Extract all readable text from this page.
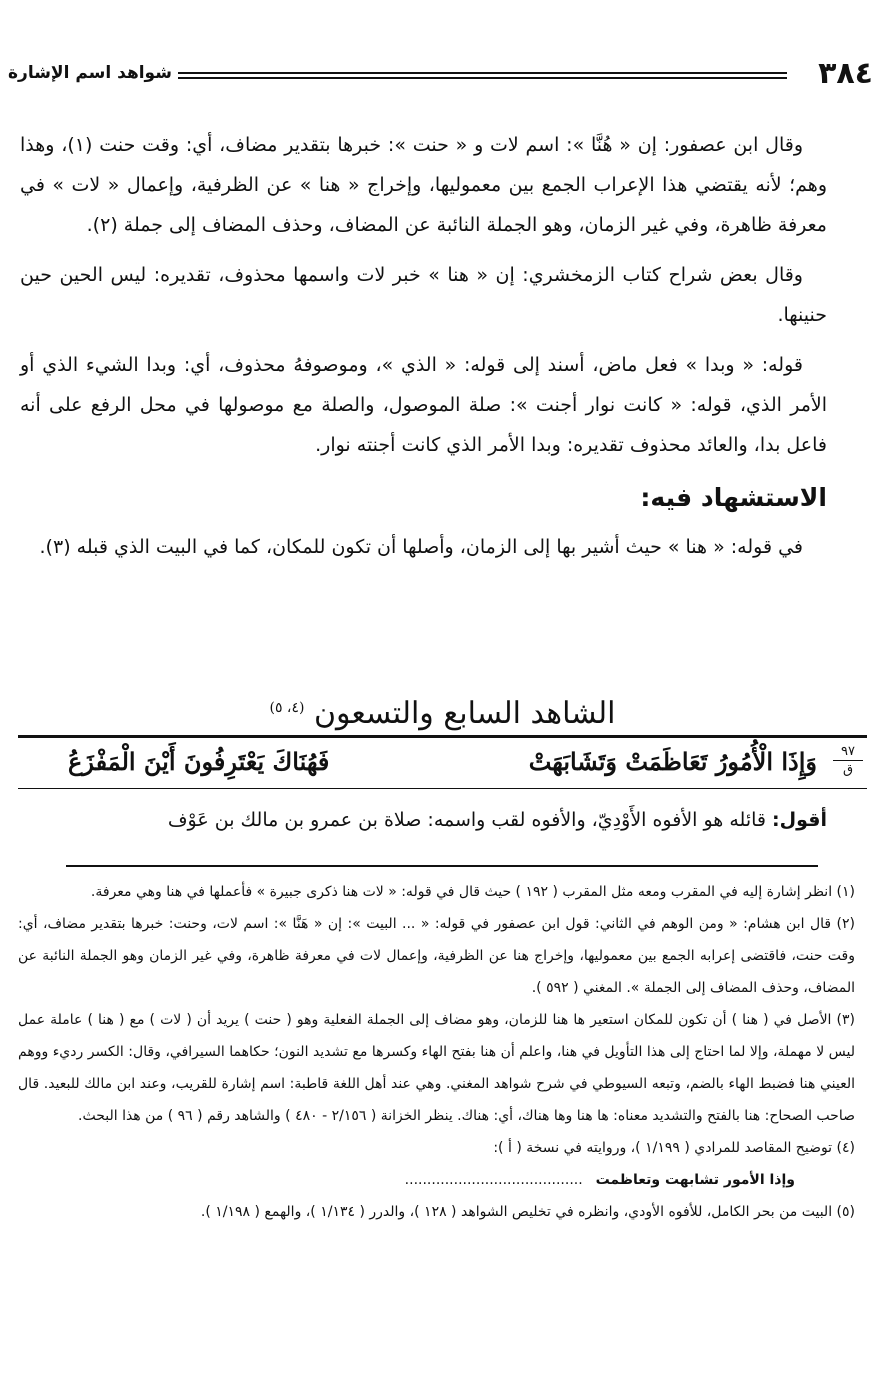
٣٨٤
شواهد اسم الإشارة

وقال ابن عصفور: إن « هُنَّا »: اسم لات و « حنت »: خبرها بتقدير مضاف، أي: وقت حنت (١)، وهذا وهم؛ لأنه يقتضي هذا الإعراب الجمع بين معموليها، وإخراج « هنا » عن الظرفية، وإعمال « لات » في معرفة ظاهرة، وفي غير الزمان، وهو الجملة النائبة عن المضاف، وحذف المضاف إلى جملة (٢).

وقال بعض شراح كتاب الزمخشري: إن « هنا » خبر لات واسمها محذوف، تقديره: ليس الحين حين حنينها.

قوله: « وبدا » فعل ماض، أسند إلى قوله: « الذي »، وموصوفهُ محذوف، أي: وبدا الشيء الذي أو الأمر الذي، قوله: « كانت نوار أجنت »: صلة الموصول، والصلة مع موصولها في محل الرفع على أنه فاعل بدا، والعائد محذوف تقديره: وبدا الأمر الذي كانت أجنته نوار.

الاستشهاد فيه:

في قوله: « هنا » حيث أشير بها إلى الزمان، وأصلها أن تكون للمكان، كما في البيت الذي قبله (٣).

الشاهد السابع والتسعون $^{(٤، ٥)}$
٩٧
ق
وَإِذَا الْأُمُورُ تَعَاظَمَتْ وَتَشَابَهَتْ
فَهُنَاكَ يَعْتَرِفُونَ أَيْنَ الْمَفْزَعُ
أقول: قائله هو الأفوه الأَوْدِيّ، والأفوه لقب واسمه: صلاة بن عمرو بن مالك بن عَوْف

(١) انظر إشارة إليه في المقرب ومعه مثل المقرب ( ١٩٢ ) حيث قال في قوله: « لات هنا ذكرى جبيرة » فأعملها في هنا وهي معرفة.

(٢) قال ابن هشام: « ومن الوهم في الثاني: قول ابن عصفور في قوله: « ... البيت »: إن « هَنَّا »: اسم لات، وحنت: خبرها بتقدير مضاف، أي: وقت حنت، فاقتضى إعرابه الجمع بين معموليها، وإخراج هنا عن الظرفية، وإعمال لات في معرفة ظاهرة، وفي غير الزمان وهو الجملة النائبة عن المضاف، وحذف المضاف إلى الجملة ». المغني ( ٥٩٢ ).

(٣) الأصل في ( هنا ) أن تكون للمكان استعير ها هنا للزمان، وهو مضاف إلى الجملة الفعلية وهو ( حنت ) يريد أن ( لات ) مع ( هنا ) عاملة عمل ليس لا مهملة، وإلا لما احتاج إلى هذا التأويل في هنا، واعلم أن هنا بفتح الهاء وكسرها مع تشديد النون؛ حكاهما السيرافي، وقال: الكسر رديء ووهم العيني هنا فضبط الهاء بالضم، وتبعه السيوطي في شرح شواهد المغني. وهي عند أهل اللغة قاطبة: اسم إشارة للقريب، وعند ابن مالك للبعيد. قال صاحب الصحاح: هنا بالفتح والتشديد معناه: ها هنا وها هناك، أي: هناك. ينظر الخزانة ( ٢/١٥٦ - ٤٨٠ ) والشاهد رقم ( ٩٦ ) من هذا البحث.

(٤) توضيح المقاصد للمرادي ( ١/١٩٩ )، وروايته في نسخة ( أ ):

وإذا الأمور تشابهت وتعاظمت ........................................

(٥) البيت من بحر الكامل، للأفوه الأودي، وانظره في تخليص الشواهد ( ١٢٨ )، والدرر ( ١/١٣٤ )، والهمع ( ١/١٩٨ ).
